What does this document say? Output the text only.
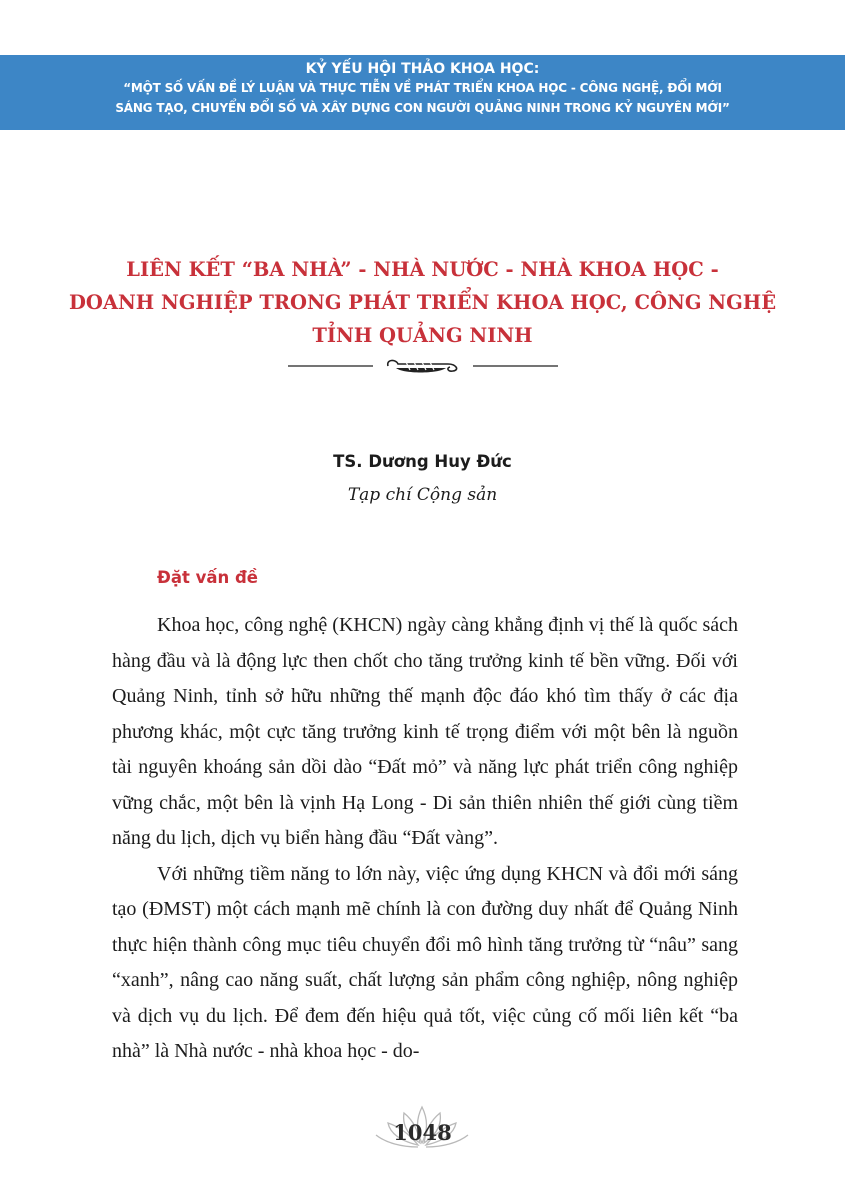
KỶ YẾU HỘI THẢO KHOA HỌC:
“MỘT SỐ VẤN ĐỀ LÝ LUẬN VÀ THỰC TIỄN VỀ PHÁT TRIỂN KHOA HỌC - CÔNG NGHỆ, ĐỔI MỚI
SÁNG TẠO, CHUYỂN ĐỔI SỐ VÀ XÂY DỰNG CON NGƯỜI QUẢNG NINH TRONG KỶ NGUYÊN MỚI”
LIÊN KẾT “BA NHÀ” - NHÀ NƯỚC - NHÀ KHOA HỌC -
DOANH NGHIỆP TRONG PHÁT TRIỂN KHOA HỌC, CÔNG NGHỆ
TỈNH QUẢNG NINH
TS. Dương Huy Đức
Tạp chí Cộng sản
Đặt vấn đề

Khoa học, công nghệ (KHCN) ngày càng khẳng định vị thế là quốc sách hàng đầu và là động lực then chốt cho tăng trưởng kinh tế bền vững. Đối với Quảng Ninh, tỉnh sở hữu những thế mạnh độc đáo khó tìm thấy ở các địa phương khác, một cực tăng trưởng kinh tế trọng điểm với một bên là nguồn tài nguyên khoáng sản dồi dào “Đất mỏ” và năng lực phát triển công nghiệp vững chắc, một bên là vịnh Hạ Long - Di sản thiên nhiên thế giới cùng tiềm năng du lịch, dịch vụ biển hàng đầu “Đất vàng”.

Với những tiềm năng to lớn này, việc ứng dụng KHCN và đổi mới sáng tạo (ĐMST) một cách mạnh mẽ chính là con đường duy nhất để Quảng Ninh thực hiện thành công mục tiêu chuyển đổi mô hình tăng trưởng từ “nâu” sang “xanh”, nâng cao năng suất, chất lượng sản phẩm công nghiệp, nông nghiệp và dịch vụ du lịch. Để đem đến hiệu quả tốt, việc củng cố mối liên kết “ba nhà” là Nhà nước - nhà khoa học - do-

1048
